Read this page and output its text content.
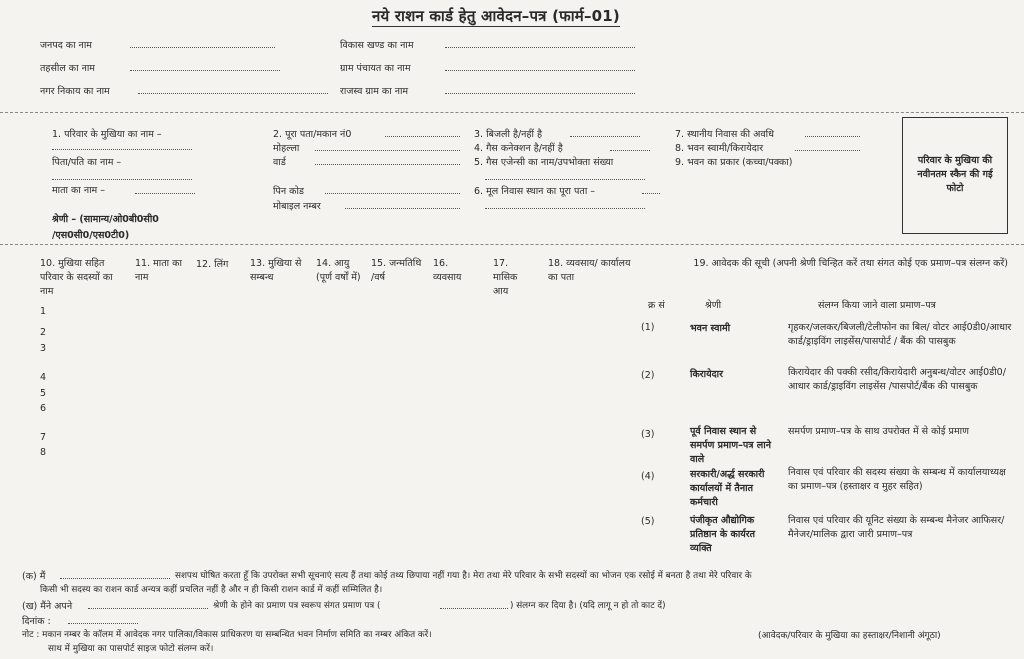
नये राशन कार्ड हेतु आवेदन–पत्र (फार्म–01)
जनपद का नाम
तहसील का नाम
नगर निकाय का नाम
विकास खण्ड का नाम
ग्राम पंचायत का नाम
राजस्व ग्राम का नाम
1. परिवार के मुखिया का नाम –
पिता/पति का नाम –
माता का नाम –
श्रेणी – (सामान्य/ओ0बी0सी0
/एस0सी0/एस0टी0)
2. पूरा पता/मकान नं0
मोहल्ला
वार्ड
पिन कोड
मोबाइल नम्बर
3. बिजली है/नहीं है
4. गैस कनेक्शन है/नहीं है
5. गैस एजेन्सी का नाम/उपभोक्ता संख्या
6. मूल निवास स्थान का पूरा पता –
7. स्थानीय निवास की अवधि
8. भवन स्वामी/किरायेदार
9. भवन का प्रकार (कच्चा/पक्का)	परिवार के मुखिया की नवीनतम स्कैन की गई फोटो
10. मुखिया सहित परिवार के सदस्यों का नाम
11. माता का नाम
12. लिंग 13. मुखिया से सम्बन्ध
14. आयु (पूर्ण वर्षों में)
15. जन्मतिथि /वर्ष
16. व्यवसाय
17. मासिक आय
18. व्यवसाय/ कार्यालय का पता
1
2
3
4
5
6
7
8
19. आवेदक की सूची (अपनी श्रेणी चिन्हित करें तथा संगत कोई एक प्रमाण–पत्र संलग्न करें)
क्र सं	श्रेणी	संलग्न किया जाने वाला प्रमाण–पत्र
(1)	भवन स्वामी	गृहकर/जलकर/बिजली/टेलीफोन का बिल/ वोटर आई0डी0/आधार कार्ड/ड्राइविंग लाइसेंस/पासपोर्ट / बैंक की पासबुक
(2)	किरायेदार	किरायेदार की पक्की रसीद/किरायेदारी अनुबन्ध/वोटर आई0डी0/आधार कार्ड/ड्राइविंग लाइसेंस /पासपोर्ट/बैंक की पासबुक
(3)	पूर्व निवास स्थान से समर्पण प्रमाण–पत्र लाने वाले
समर्पण प्रमाण–पत्र के साथ उपरोक्त में से कोई प्रमाण
(4)	सरकारी/अर्द्ध सरकारी कार्यालयों में तैनात कर्मचारी
निवास एवं परिवार की सदस्य संख्या के सम्बन्ध में कार्यालयाध्यक्ष का प्रमाण–पत्र (हस्ताक्षर व मुहर सहित)
(5)	पंजीकृत औद्योगिक प्रतिष्ठान के कार्यरत व्यक्ति
निवास एवं परिवार की यूनिट संख्या के सम्बन्ध मैनेजर आफिसर/मैनेजर/मालिक द्वारा जारी प्रमाण–पत्र
(क) मैं	सशपथ घोषित करता हूँ कि उपरोक्त सभी सूचनाएं सत्य हैं तथा कोई तथ्य छिपाया नहीं गया है। मेरा तथा मेरे परिवार के सभी सदस्यों का भोजन एक रसोई में बनता है तथा मेरे परिवार के
किसी भी सदस्य का राशन कार्ड अन्यत्र कहीं प्रचलित नहीं है और न ही किसी राशन कार्ड में कहीं सम्मिलित है।
(ख) मैंने अपने	श्रेणी के होने का प्रमाण पत्र स्वरूप संगत प्रमाण पत्र (	) संलग्न कर दिया है। (यदि लागू न हो तो काट दें)
दिनांक :
नोट : मकान नम्बर के कॉलम में आवेदक नगर पालिका/विकास प्राधिकरण या सम्बन्धित भवन निर्माण समिति का नम्बर अंकित करें।
साथ में मुखिया का पासपोर्ट साइज फोटो संलग्न करें।
(आवेदक/परिवार के मुखिया का हस्ताक्षर/निशानी अंगूठा)
